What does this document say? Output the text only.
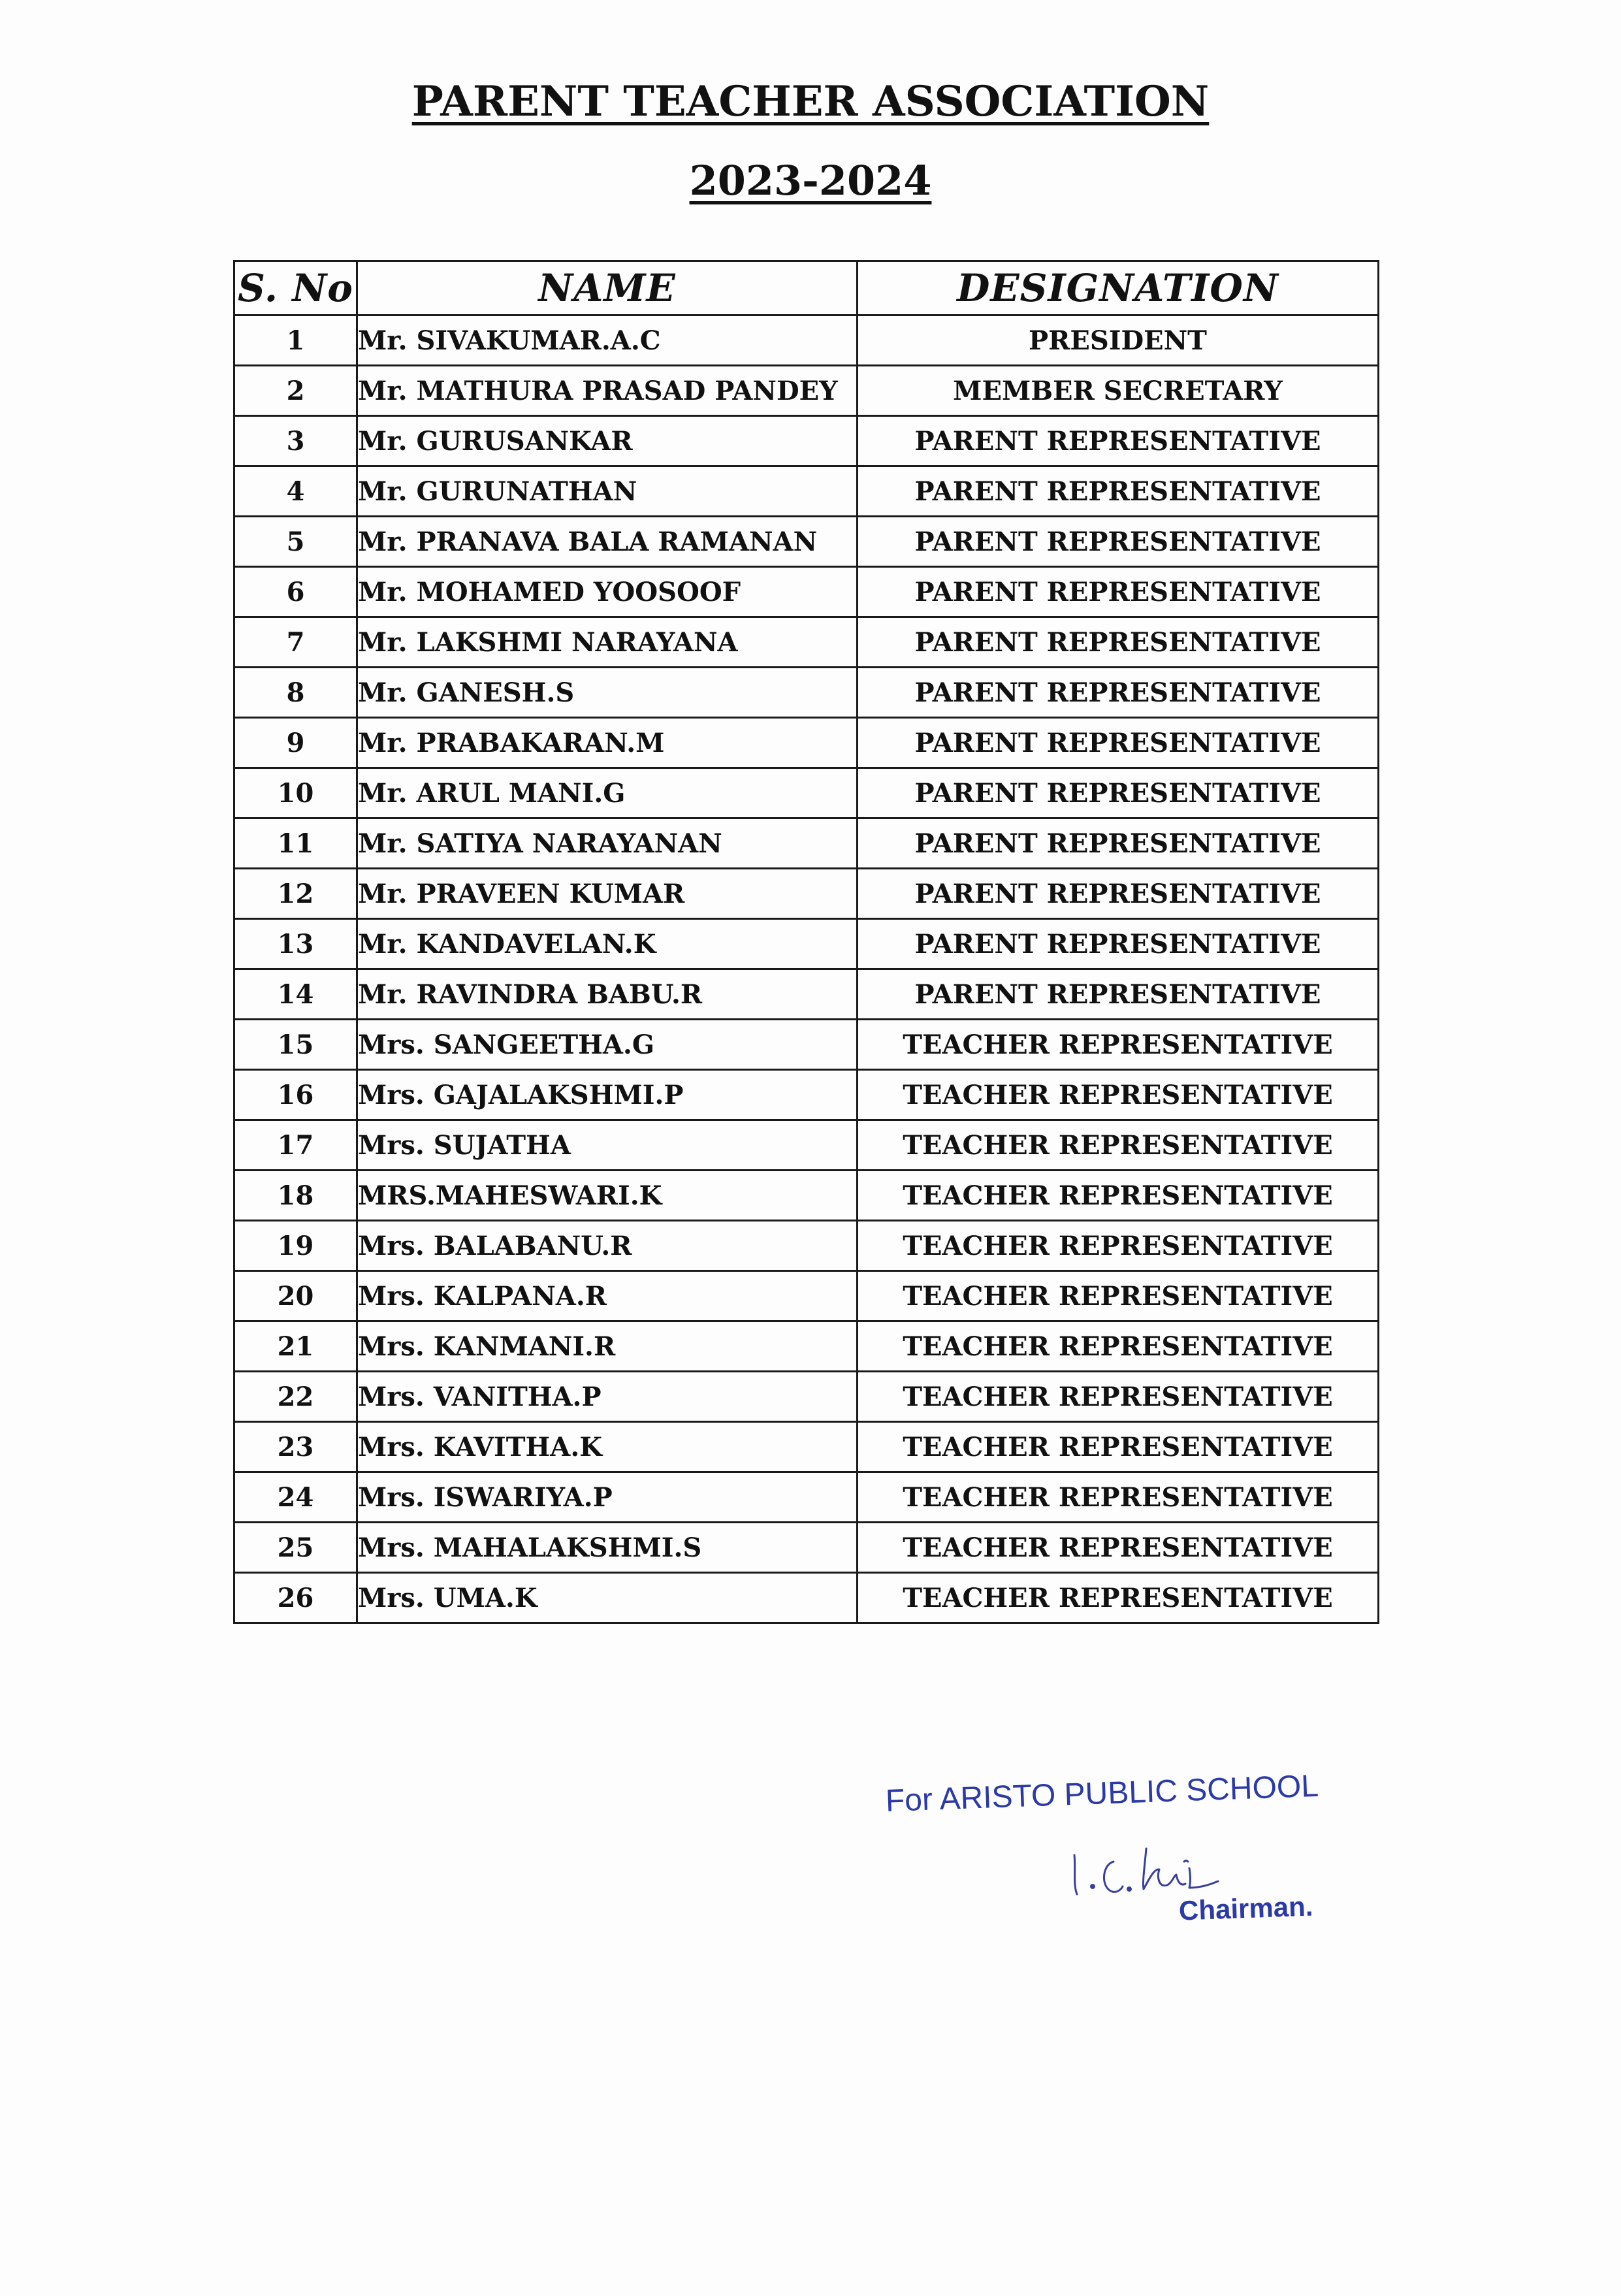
PARENT TEACHER ASSOCIATION
2023-2024
S. No	NAME	DESIGNATION
1	Mr. SIVAKUMAR.A.C	PRESIDENT
2	Mr. MATHURA PRASAD PANDEY	MEMBER SECRETARY
3	Mr. GURUSANKAR	PARENT REPRESENTATIVE
4	Mr. GURUNATHAN	PARENT REPRESENTATIVE
5	Mr. PRANAVA BALA RAMANAN	PARENT REPRESENTATIVE
6	Mr. MOHAMED YOOSOOF	PARENT REPRESENTATIVE
7	Mr. LAKSHMI NARAYANA	PARENT REPRESENTATIVE
8	Mr. GANESH.S	PARENT REPRESENTATIVE
9	Mr. PRABAKARAN.M	PARENT REPRESENTATIVE
10	Mr. ARUL MANI.G	PARENT REPRESENTATIVE
11	Mr. SATIYA NARAYANAN	PARENT REPRESENTATIVE
12	Mr. PRAVEEN KUMAR	PARENT REPRESENTATIVE
13	Mr. KANDAVELAN.K	PARENT REPRESENTATIVE
14	Mr. RAVINDRA BABU.R	PARENT REPRESENTATIVE
15	Mrs. SANGEETHA.G	TEACHER REPRESENTATIVE
16	Mrs. GAJALAKSHMI.P	TEACHER REPRESENTATIVE
17	Mrs. SUJATHA	TEACHER REPRESENTATIVE
18	MRS.MAHESWARI.K	TEACHER REPRESENTATIVE
19	Mrs. BALABANU.R	TEACHER REPRESENTATIVE
20	Mrs. KALPANA.R	TEACHER REPRESENTATIVE
21	Mrs. KANMANI.R	TEACHER REPRESENTATIVE
22	Mrs. VANITHA.P	TEACHER REPRESENTATIVE
23	Mrs. KAVITHA.K	TEACHER REPRESENTATIVE
24	Mrs. ISWARIYA.P	TEACHER REPRESENTATIVE
25	Mrs. MAHALAKSHMI.S	TEACHER REPRESENTATIVE
26	Mrs. UMA.K	TEACHER REPRESENTATIVE
For ARISTO PUBLIC SCHOOL
Chairman.
